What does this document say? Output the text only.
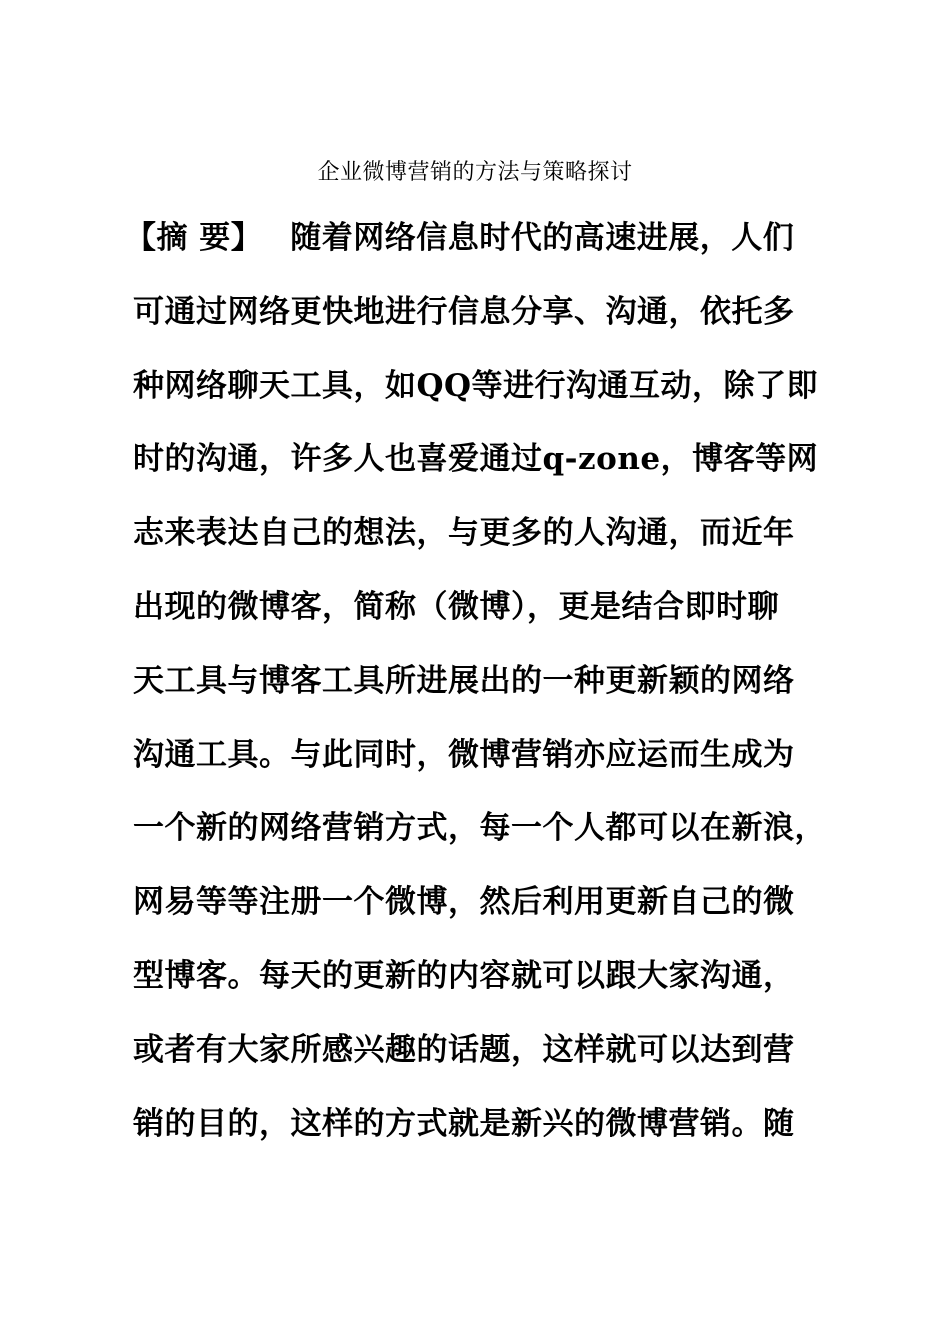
企业微博营销的方法与策略探讨
【摘 要】 随着网络信息时代的高速进展，人们
可通过网络更快地进行信息分享、沟通，依托多
种网络聊天工具，如QQ等进行沟通互动，除了即
时的沟通，许多人也喜爱通过q-zone，博客等网
志来表达自己的想法，与更多的人沟通，而近年
出现的微博客，简称（微博），更是结合即时聊
天工具与博客工具所进展出的一种更新颖的网络
沟通工具。与此同时，微博营销亦应运而生成为
一个新的网络营销方式，每一个人都可以在新浪，
网易等等注册一个微博，然后利用更新自己的微
型博客。每天的更新的内容就可以跟大家沟通，
或者有大家所感兴趣的话题，这样就可以达到营
销的目的，这样的方式就是新兴的微博营销。随
